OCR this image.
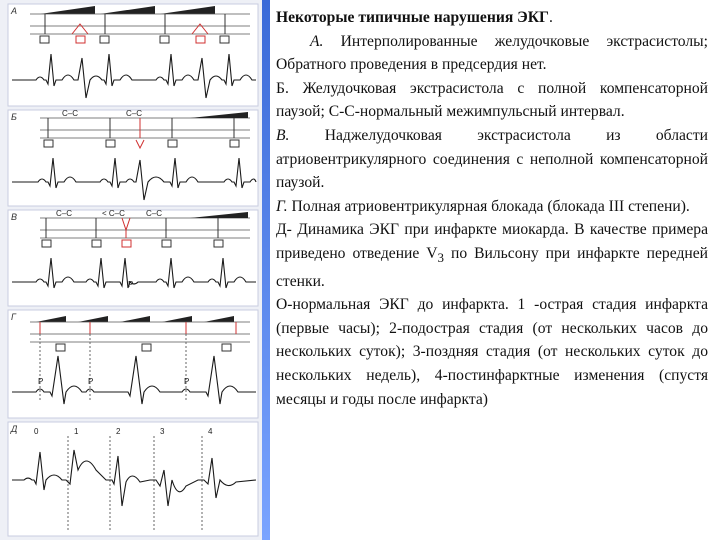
А
Б
В
Г
Д
С–С	С–С
С–С	< С–С	С–С
P
P	P	P
0	1	2	3	4

Некоторые типичные нарушения ЭКГ.

А. Интерполированные желудочковые экстрасистолы; Обратного проведения в предсердия нет.

Б. Желудочковая экстрасистола с полной компенсаторной паузой; С-С-нормальный межимпульсный интервал.

В. Наджелудочковая экстрасистола из области атриовентрикулярного соединения с неполной компенсаторной паузой.

Г. Полная атриовентрикулярная блокада (блокада III степени).

Д- Динамика ЭКГ при инфаркте миокарда. В качестве примера приведено отведение $V_3$ по Вильсону при инфаркте передней стенки.

О-нормальная ЭКГ до инфаркта. 1 -острая стадия инфаркта (первые часы); 2-подострая стадия (от нескольких часов до нескольких суток); 3-поздняя стадия (от нескольких суток до нескольких недель), 4-постинфарктные изменения (спустя месяцы и годы после инфаркта)
